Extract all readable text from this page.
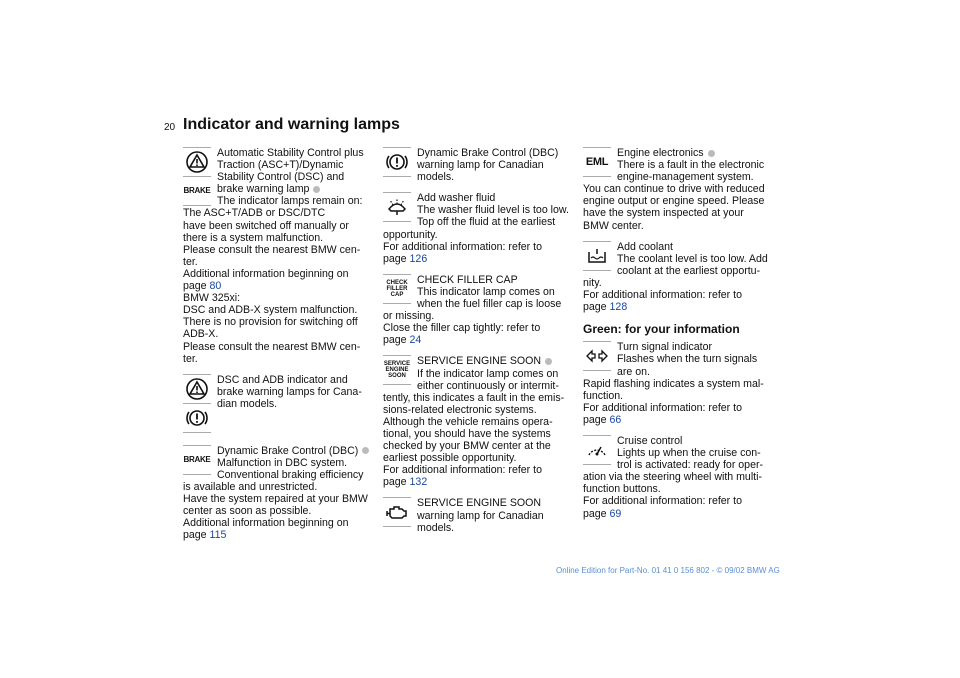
20 Indicator and warning lamps
BRAKE
Automatic Stability Control plus
Traction (ASC+T)/Dynamic
Stability Control (DSC) and
brake warning lamp
The indicator lamps remain on:
The ASC+T/ADB or DSC/DTC
have been switched off manually or
there is a system malfunction.
Please consult the nearest BMW cen-
ter.
Additional information beginning on
page 80
BMW 325xi:
DSC and ADB-X system malfunction.
There is no provision for switching off
ADB-X.
Please consult the nearest BMW cen-
ter.
DSC and ADB indicator and
brake warning lamps for Cana-
dian models.
BRAKE
Dynamic Brake Control (DBC)
Malfunction in DBC system.
Conventional braking efficiency
is available and unrestricted.
Have the system repaired at your BMW
center as soon as possible.
Additional information beginning on
page 115
Dynamic Brake Control (DBC)
warning lamp for Canadian
models.
Add washer fluid
The washer fluid level is too low.
Top off the fluid at the earliest
opportunity.
For additional information: refer to
page 126
CHECK FILLER CAP
CHECK FILLER CAP
This indicator lamp comes on
when the fuel filler cap is loose
or missing.
Close the filler cap tightly: refer to
page 24
SERVICE ENGINE SOON
SERVICE ENGINE SOON
If the indicator lamp comes on
either continuously or intermit-
tently, this indicates a fault in the emis-
sions-related electronic systems.
Although the vehicle remains opera-
tional, you should have the systems
checked by your BMW center at the
earliest possible opportunity.
For additional information: refer to
page 132
SERVICE ENGINE SOON
warning lamp for Canadian
models.
EML
Engine electronics
There is a fault in the electronic
engine-management system.
You can continue to drive with reduced
engine output or engine speed. Please
have the system inspected at your
BMW center.
Add coolant
The coolant level is too low. Add
coolant at the earliest opportu-
nity.
For additional information: refer to
page 128
Green: for your information
Turn signal indicator
Flashes when the turn signals
are on.
Rapid flashing indicates a system mal-
function.
For additional information: refer to
page 66
Cruise control
Lights up when the cruise con-
trol is activated: ready for oper-
ation via the steering wheel with multi-
function buttons.
For additional information: refer to
page 69
Online Edition for Part-No. 01 41 0 156 802 - © 09/02 BMW AG
